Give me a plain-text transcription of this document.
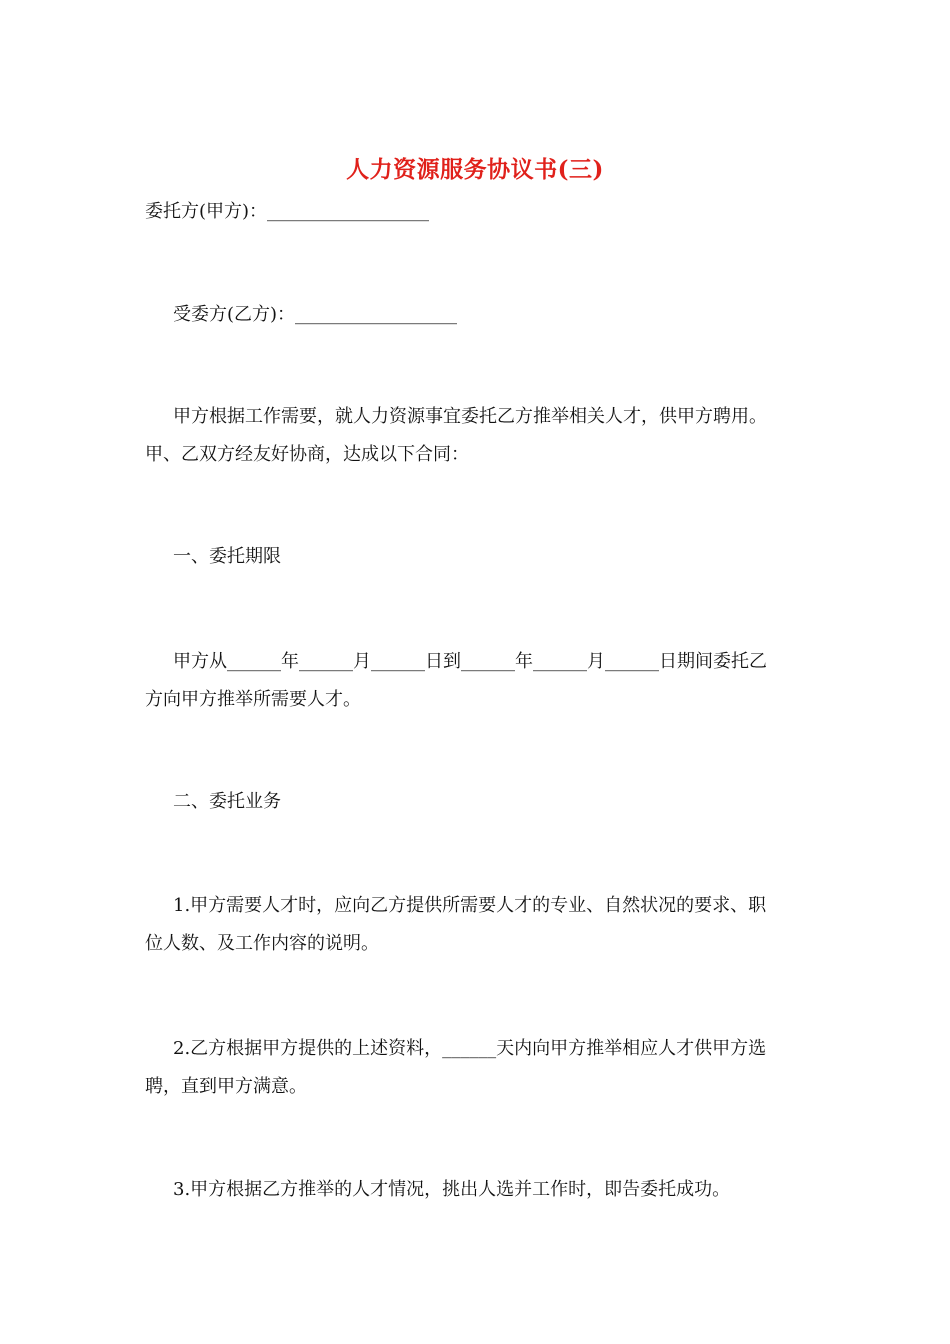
人力资源服务协议书(三)
委托方(甲方)：__________________
受委方(乙方)：__________________
甲方根据工作需要，就人力资源事宜委托乙方推举相关人才，供甲方聘用。
甲、乙双方经友好协商，达成以下合同：
一、委托期限
甲方从______年______月______日到______年______月______日期间委托乙
方向甲方推举所需要人才。
二、委托业务
1.甲方需要人才时，应向乙方提供所需要人才的专业、自然状况的要求、职
位人数、及工作内容的说明。
2.乙方根据甲方提供的上述资料，______天内向甲方推举相应人才供甲方选
聘，直到甲方满意。
3.甲方根据乙方推举的人才情况，挑出人选并工作时，即告委托成功。
